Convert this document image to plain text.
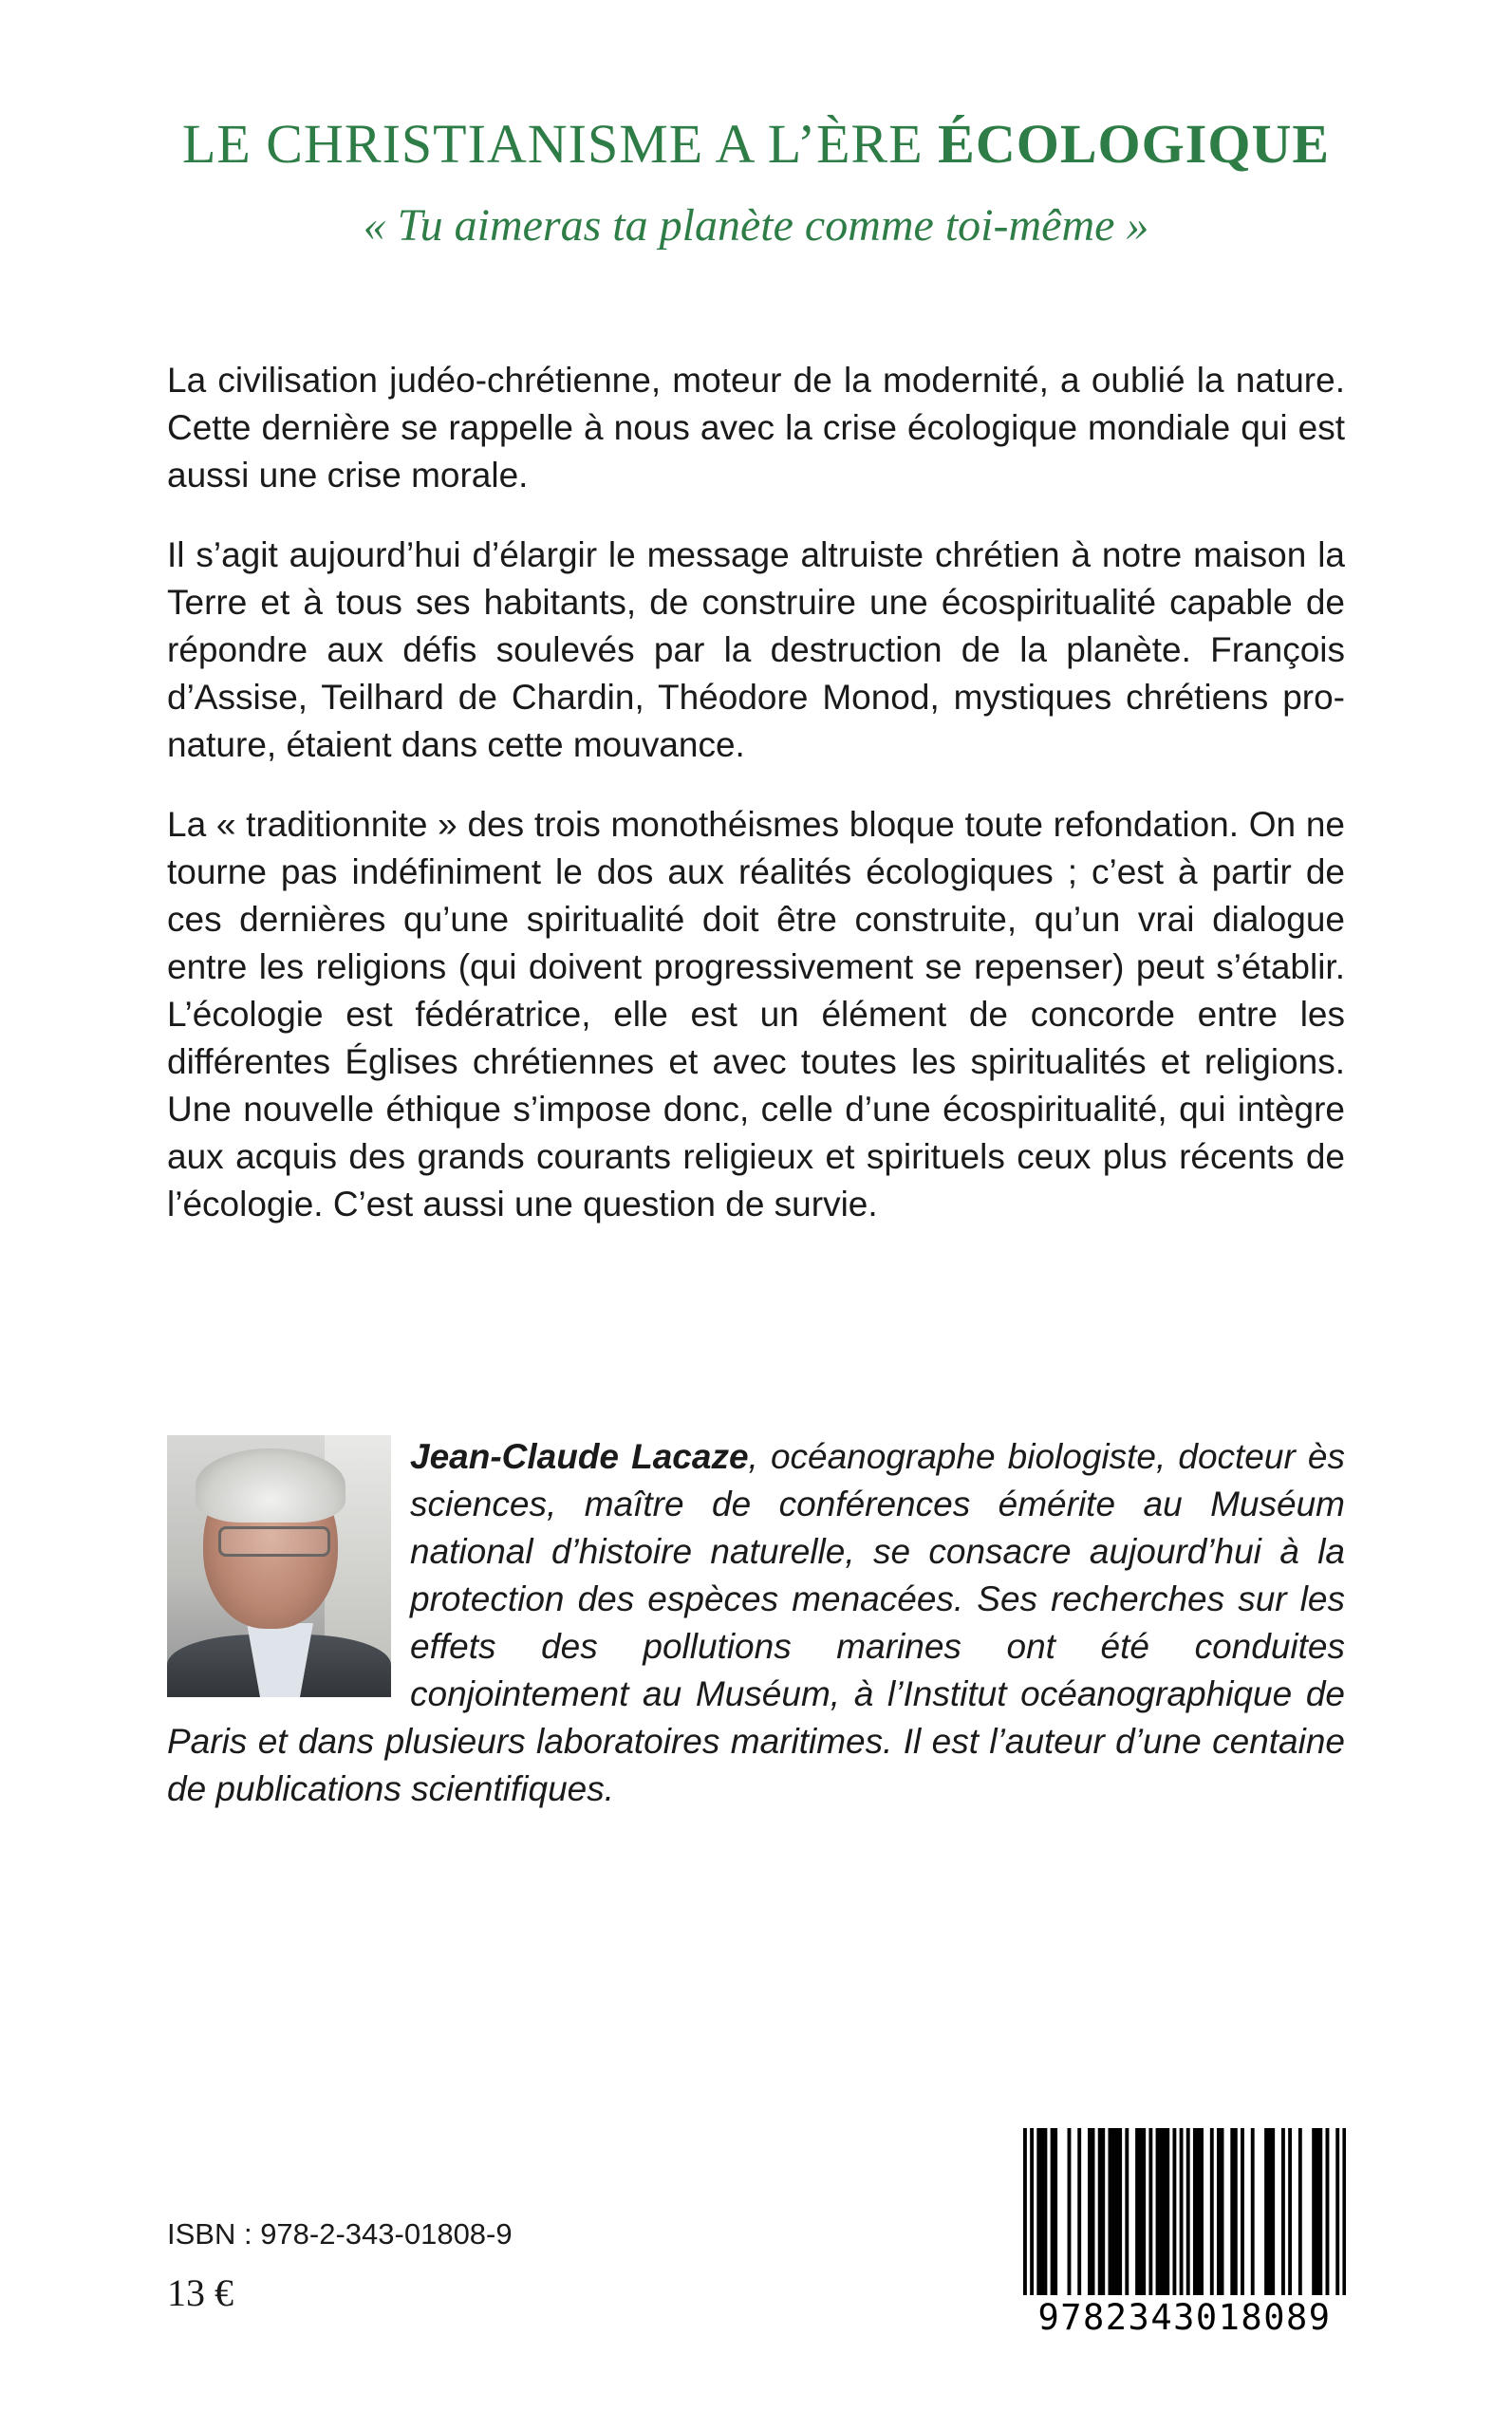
LE CHRISTIANISME A L’ÈRE ÉCOLOGIQUE
« Tu aimeras ta planète comme toi-même »

La civilisation judéo-chrétienne, moteur de la modernité, a oublié la nature. Cette dernière se rappelle à nous avec la crise écologique mondiale qui est aussi une crise morale.

Il s’agit aujourd’hui d’élargir le message altruiste chrétien à notre maison la Terre et à tous ses habitants, de construire une écospiritualité capable de répondre aux défis soulevés par la destruction de la planète. François d’Assise, Teilhard de Chardin, Théodore Monod, mystiques chrétiens pro-nature, étaient dans cette mouvance.

La « traditionnite » des trois monothéismes bloque toute refondation. On ne tourne pas indéfiniment le dos aux réalités écologiques ; c’est à partir de ces dernières qu’une spiritualité doit être construite, qu’un vrai dialogue entre les religions (qui doivent progressivement se repenser) peut s’établir. L’écologie est fédératrice, elle est un élément de concorde entre les différentes Églises chrétiennes et avec toutes les spiritualités et religions. Une nouvelle éthique s’impose donc, celle d’une écospiritualité, qui intègre aux acquis des grands courants religieux et spirituels ceux plus récents de l’écologie. C’est aussi une question de survie.

Jean-Claude Lacaze, océanographe biologiste, docteur ès sciences, maître de conférences émérite au Muséum national d’histoire naturelle, se consacre aujourd’hui à la protection des espèces menacées. Ses recherches sur les effets des pollutions marines ont été conduites conjointement au Muséum, à l’Institut océanographique de Paris et dans plusieurs laboratoires maritimes. Il est l’auteur d’une centaine de publications scientifiques.
ISBN : 978-2-343-01808-9
13 €
9782343018089
